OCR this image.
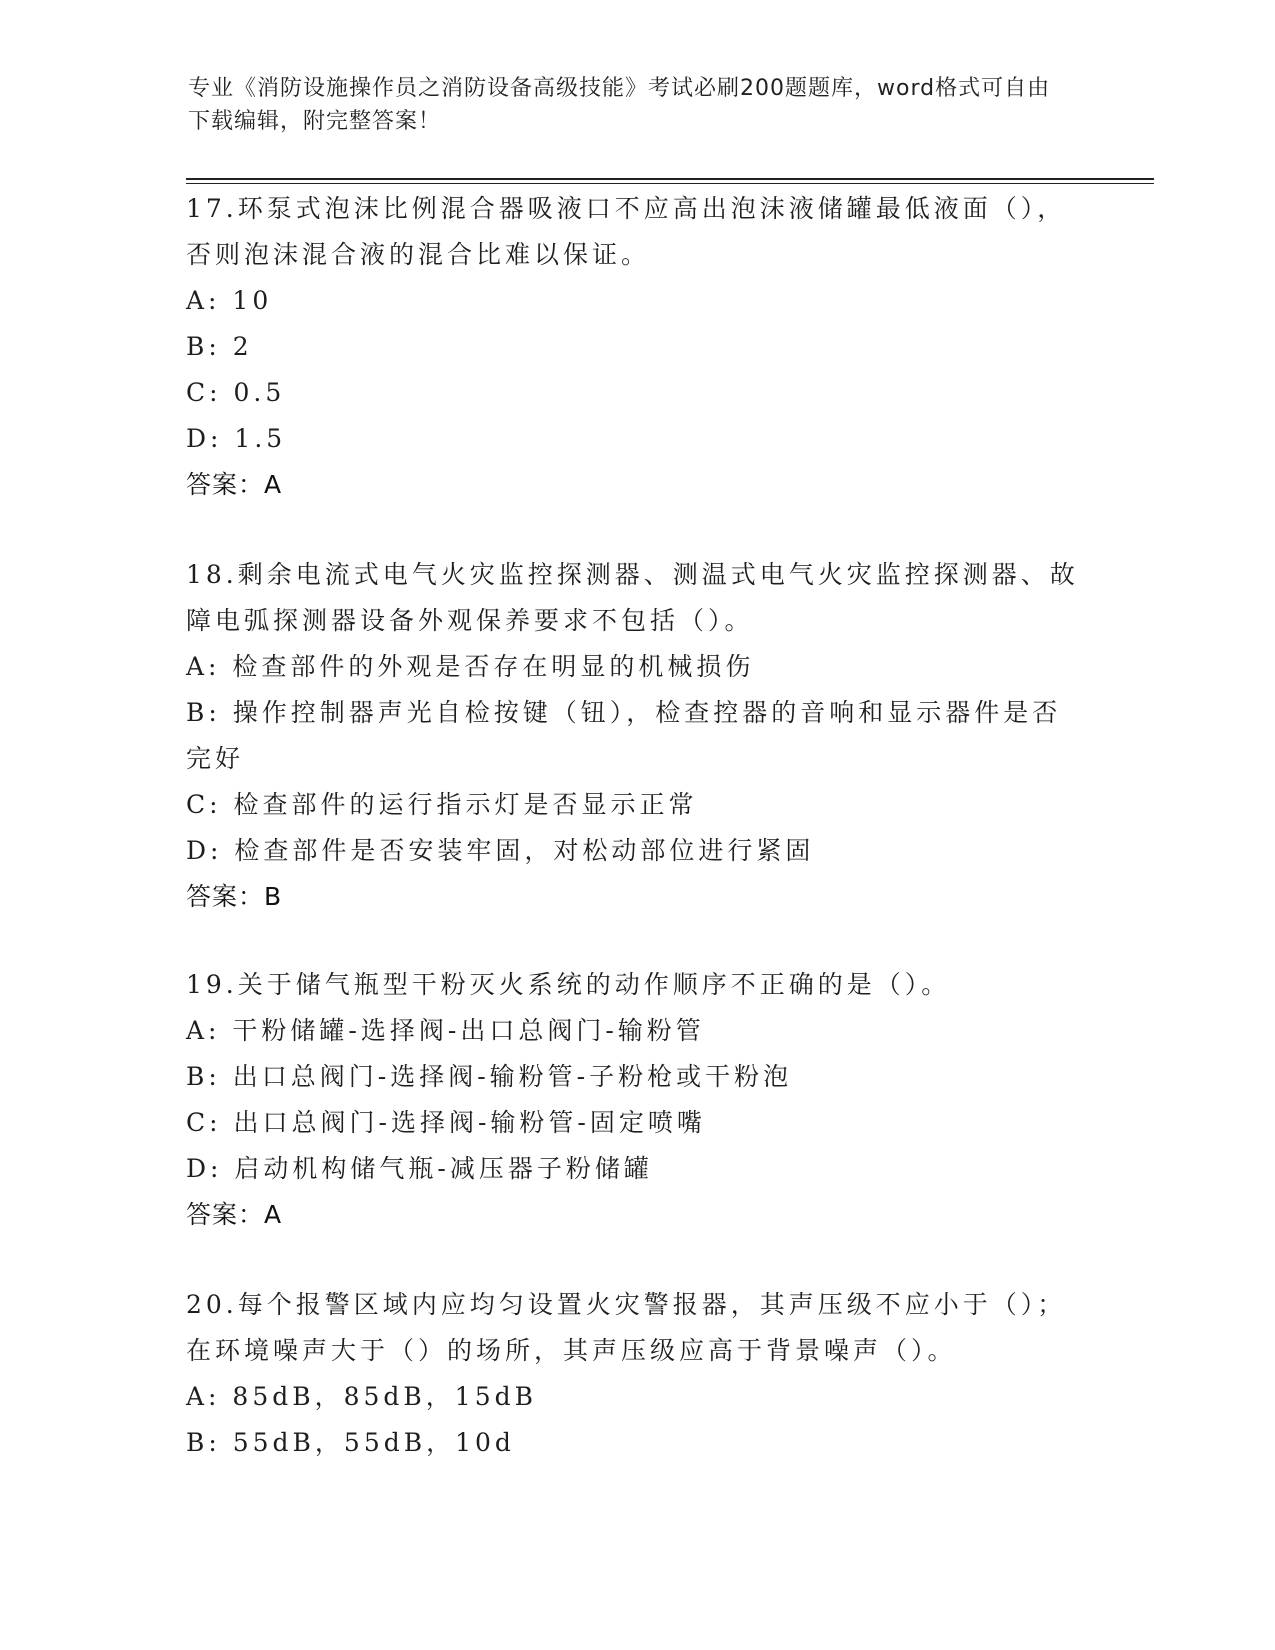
专业《消防设施操作员之消防设备高级技能》考试必刷200题题库，word格式可自由下载编辑，附完整答案！
17.环泵式泡沫比例混合器吸液口不应高出泡沫液储罐最低液面（），否则泡沫混合液的混合比难以保证。
A: 10
B: 2
C: 0.5
D: 1.5
答案：A
18.剩余电流式电气火灾监控探测器、测温式电气火灾监控探测器、故障电弧探测器设备外观保养要求不包括（）。
A: 检查部件的外观是否存在明显的机械损伤
B: 操作控制器声光自检按键（钮），检查控器的音响和显示器件是否完好
C: 检查部件的运行指示灯是否显示正常
D: 检查部件是否安装牢固，对松动部位进行紧固
答案：B
19.关于储气瓶型干粉灭火系统的动作顺序不正确的是（）。
A: 干粉储罐-选择阀-出口总阀门-输粉管
B: 出口总阀门-选择阀-输粉管-子粉枪或干粉泡
C: 出口总阀门-选择阀-输粉管-固定喷嘴
D: 启动机构储气瓶-减压器子粉储罐
答案：A
20.每个报警区域内应均匀设置火灾警报器，其声压级不应小于（）；在环境噪声大于（）的场所，其声压级应高于背景噪声（）。
A: 85dB，85dB，15dB
B: 55dB，55dB，10d
